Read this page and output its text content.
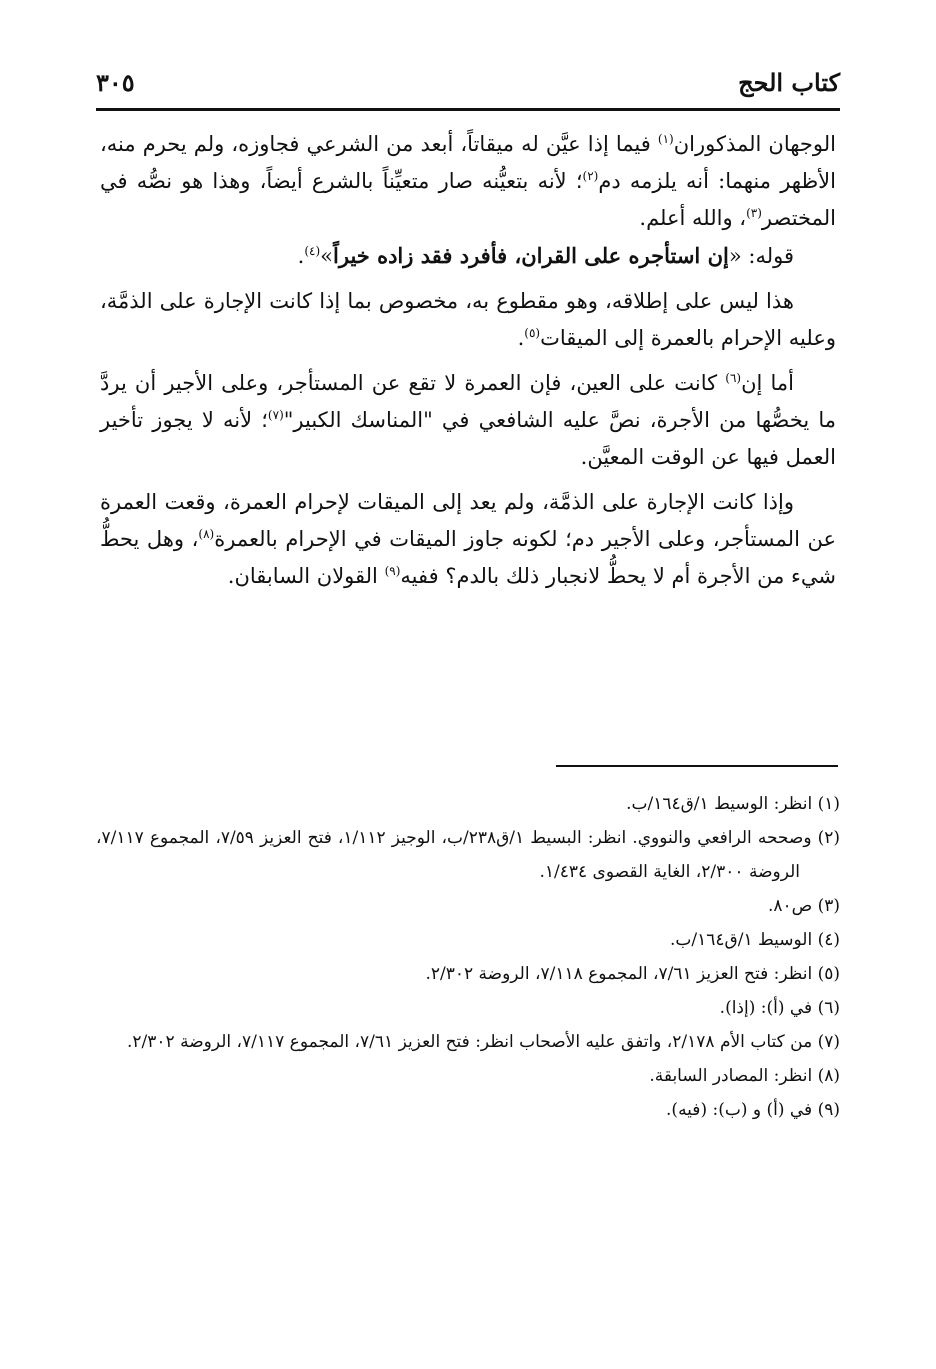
كتاب الحج
٣٠٥

الوجهان المذكوران$^{(١)}$ فيما إذا عيَّن له ميقاتاً، أبعد من الشرعي فجاوزه، ولم يحرم منه، الأظهر منهما: أنه يلزمه دم$^{(٢)}$؛ لأنه بتعيُّنه صار متعيِّناً بالشرع أيضاً، وهذا هو نصُّه في المختصر$^{(٣)}$، والله أعلم.

قوله: «إن استأجره على القران، فأفرد فقد زاده خيراً»$^{(٤)}$.

هذا ليس على إطلاقه، وهو مقطوع به، مخصوص بما إذا كانت الإجارة على الذمَّة، وعليه الإحرام بالعمرة إلى الميقات$^{(٥)}$.

أما إن$^{(٦)}$ كانت على العين، فإن العمرة لا تقع عن المستأجر، وعلى الأجير أن يردَّ ما يخصُّها من الأجرة، نصَّ عليه الشافعي في "المناسك الكبير"$^{(٧)}$؛ لأنه لا يجوز تأخير العمل فيها عن الوقت المعيَّن.

وإذا كانت الإجارة على الذمَّة، ولم يعد إلى الميقات لإحرام العمرة، وقعت العمرة عن المستأجر، وعلى الأجير دم؛ لكونه جاوز الميقات في الإحرام بالعمرة$^{(٨)}$، وهل يحطُّ شيء من الأجرة أم لا يحطُّ لانجبار ذلك بالدم؟ ففيه$^{(٩)}$ القولان السابقان.

(١) انظر: الوسيط ١/ق١٦٤/ب.
(٢) وصححه الرافعي والنووي. انظر: البسيط ١/ق٢٣٨/ب، الوجيز ١/١١٢، فتح العزيز ٧/٥٩، المجموع ٧/١١٧، الروضة ٢/٣٠٠، الغاية القصوى ١/٤٣٤.
(٣) ص٨٠.
(٤) الوسيط ١/ق١٦٤/ب.
(٥) انظر: فتح العزيز ٧/٦١، المجموع ٧/١١٨، الروضة ٢/٣٠٢.
(٦) في (أ): (إذا).
(٧) من كتاب الأم ٢/١٧٨، واتفق عليه الأصحاب انظر: فتح العزيز ٧/٦١، المجموع ٧/١١٧، الروضة ٢/٣٠٢.
(٨) انظر: المصادر السابقة.
(٩) في (أ) و (ب): (فيه).
